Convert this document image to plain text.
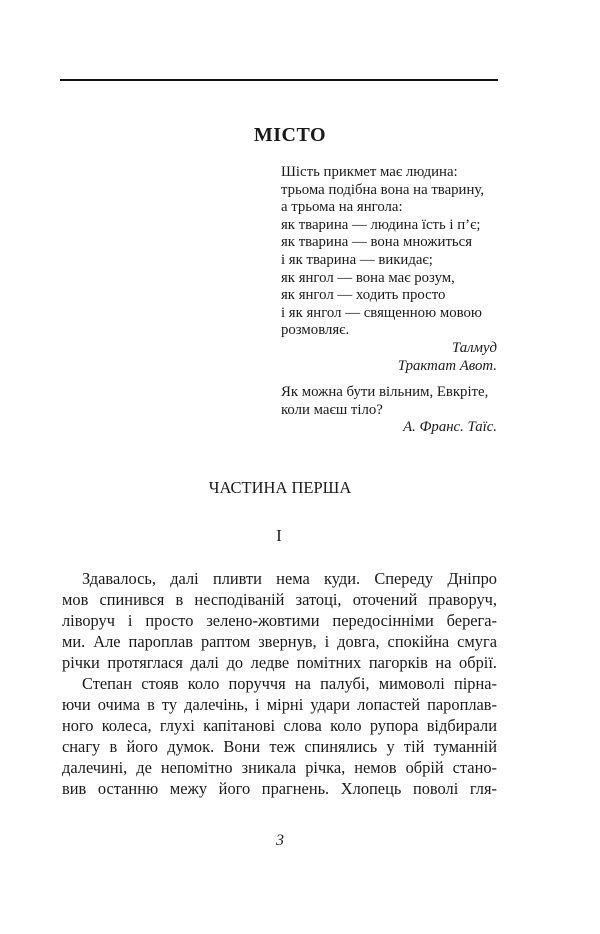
МІСТО
Шість прикмет має людина:
трьома подібна вона на тварину,
а трьома на янгола:
як тварина — людина їсть і п’є;
як тварина — вона множиться
і як тварина — викидає;
як янгол — вона має розум,
як янгол — ходить просто
і як янгол — священною мовою
розмовляє.
Талмуд
Трактат Авот.
Як можна бути вільним, Евкріте,
коли маєш тіло?
А. Франс. Таїс.
ЧАСТИНА ПЕРША
I
Здавалось, далі пливти нема куди. Спереду Дніпро
мов спинився в несподіваній затоці, оточений праворуч,
ліворуч і просто зелено-жовтими передосінніми берега-
ми. Але пароплав раптом звернув, і довга, спокійна смуга
річки протяглася далі до ледве помітних пагорків на обрії.
Степан стояв коло поруччя на палубі, мимоволі пірна-
ючи очима в ту далечінь, і мірні удари лопастей пароплав-
ного колеса, глухі капітанові слова коло рупора відбирали
снагу в його думок. Вони теж спинялись у тій туманній
далечині, де непомітно зникала річка, немов обрій стано-
вив останню межу його прагнень. Хлопець поволі гля-
3
